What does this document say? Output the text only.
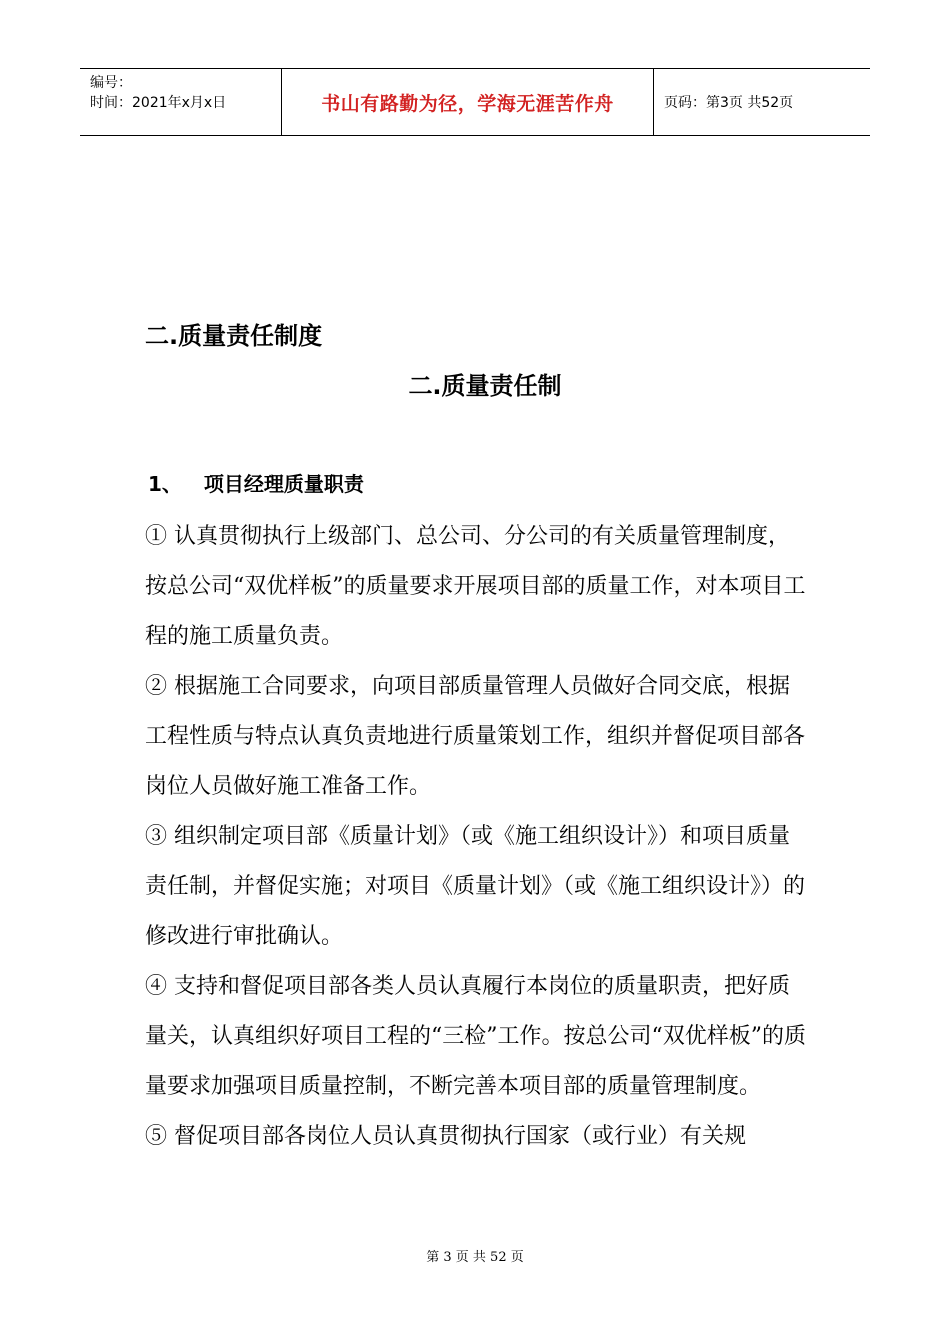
编号：
时间：2021年x月x日	书山有路勤为径，学海无涯苦作舟	页码：第3页 共52页
二.质量责任制度
二.质量责任制
1、 项目经理质量职责

① 认真贯彻执行上级部门、总公司、分公司的有关质量管理制度，按总公司“双优样板”的质量要求开展项目部的质量工作，对本项目工程的施工质量负责。

② 根据施工合同要求，向项目部质量管理人员做好合同交底，根据工程性质与特点认真负责地进行质量策划工作，组织并督促项目部各岗位人员做好施工准备工作。

③ 组织制定项目部《质量计划》（或《施工组织设计》）和项目质量责任制，并督促实施；对项目《质量计划》（或《施工组织设计》）的修改进行审批确认。

④ 支持和督促项目部各类人员认真履行本岗位的质量职责，把好质量关，认真组织好项目工程的“三检”工作。按总公司“双优样板”的质量要求加强项目质量控制，不断完善本项目部的质量管理制度。

⑤ 督促项目部各岗位人员认真贯彻执行国家（或行业）有关规

第 3 页 共 52 页
